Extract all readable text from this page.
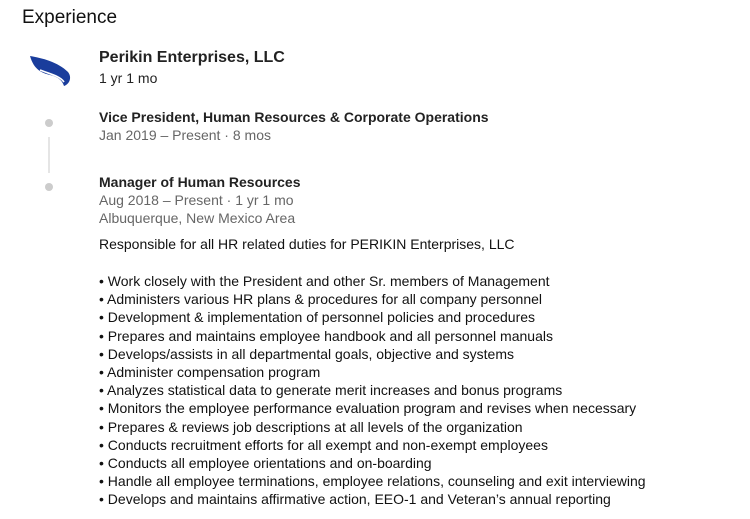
Experience
Perikin Enterprises, LLC
1 yr 1 mo
Vice President, Human Resources & Corporate Operations
Jan 2019 – Present · 8 mos
Manager of Human Resources
Aug 2018 – Present · 1 yr 1 mo
Albuquerque, New Mexico Area
Responsible for all HR related duties for PERIKIN Enterprises, LLC
• Work closely with the President and other Sr. members of Management
• Administers various HR plans & procedures for all company personnel
• Development & implementation of personnel policies and procedures
• Prepares and maintains employee handbook and all personnel manuals
• Develops/assists in all departmental goals, objective and systems
• Administer compensation program
• Analyzes statistical data to generate merit increases and bonus programs
• Monitors the employee performance evaluation program and revises when necessary
• Prepares & reviews job descriptions at all levels of the organization
• Conducts recruitment efforts for all exempt and non-exempt employees
• Conducts all employee orientations and on-boarding
• Handle all employee terminations, employee relations, counseling and exit interviewing
• Develops and maintains affirmative action, EEO-1 and Veteran’s annual reporting
